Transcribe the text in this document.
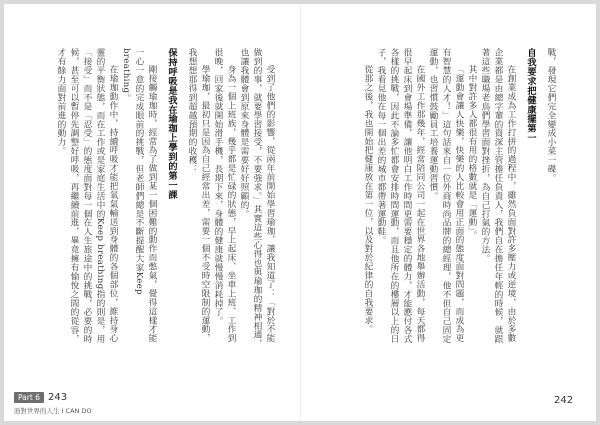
受到了他們的影響，從兩年前開始學習瑜珈，讓我知道了：「對於不能做到的事，就要學習接受，不要強求。」其實這些心得也與瑜珈的精神相通，也讓我體會到原來身體是需要好好照顧的。

身為一個上班族，幾乎都是忙碌的狀態，早上起床、坐車上班、工作到很晚，回家後就開始滑手機，長期下來，身體的健康就慢慢消耗掉了。

學瑜珈，最初只是因為自己經常出差，需要一個不受時空限制的運動，我想想那得到超越預期的收穫：

保持呼吸是我在瑜珈上學到的第一課

剛接觸瑜珈時，經常為了做到某一個困難的動作而憋氣，覺得這樣才能一心一意的完成眼前的挑戰，但老師們總是不斷提醒大家Keep breathing。

在瑜珈動作中，持續呼吸才能把氧氣輸送到身體的各個部位，維持身心靈的平衡狀態，而在工作或是家庭生活中的Keep breathing指的則是，用「接受」而不是「忍受」的態度面對每一個在人生旅途中的挑戰，必要的時候，甚至可以暫停先調整好呼吸，再繼續前進，畢竟擁有愉悅之間的從容，才有餘力面對前進的動力。

Part 6 243
面對世界的人生 I CAN DO

戰，發現它們完全變成小菜一碟。

自我要求把健康擺第一

在創業成為工作打拼的過程中，雖然負面對許多壓力或逆境，由於多數企業都是由總字輩的資深主管擔任負責人，我們自在擔任年輕的時候，就跟著這些職場老鳥們學習面對挫折，為自己打氣的方法。

其中對許多人都很有用的格數就是「運動」。

「運動會讓人快樂，快樂的人比較會用正面的態度面對問題，而成為更有智慧的人才！」這句話來自一位外商時尚品牌的總經理，他不但自己固定運動，也習慣鼓勵員工培養運動習慣。

在國外工作那幾年，經常陪同公司一起在世界各地舉辦活動，每天都得很早起床到會場準備，讓他明白工作時間更需要穩定的體力，才能應付各式各樣的挑戰，因此不論多忙都會安排時間運動，而且他所在的樓層以上的日子，我看見他在每一個出差的城市都帶著運動鞋。

從那之後，我也開始把健康放在第一位，以及對於紀律的自我要求。

242
